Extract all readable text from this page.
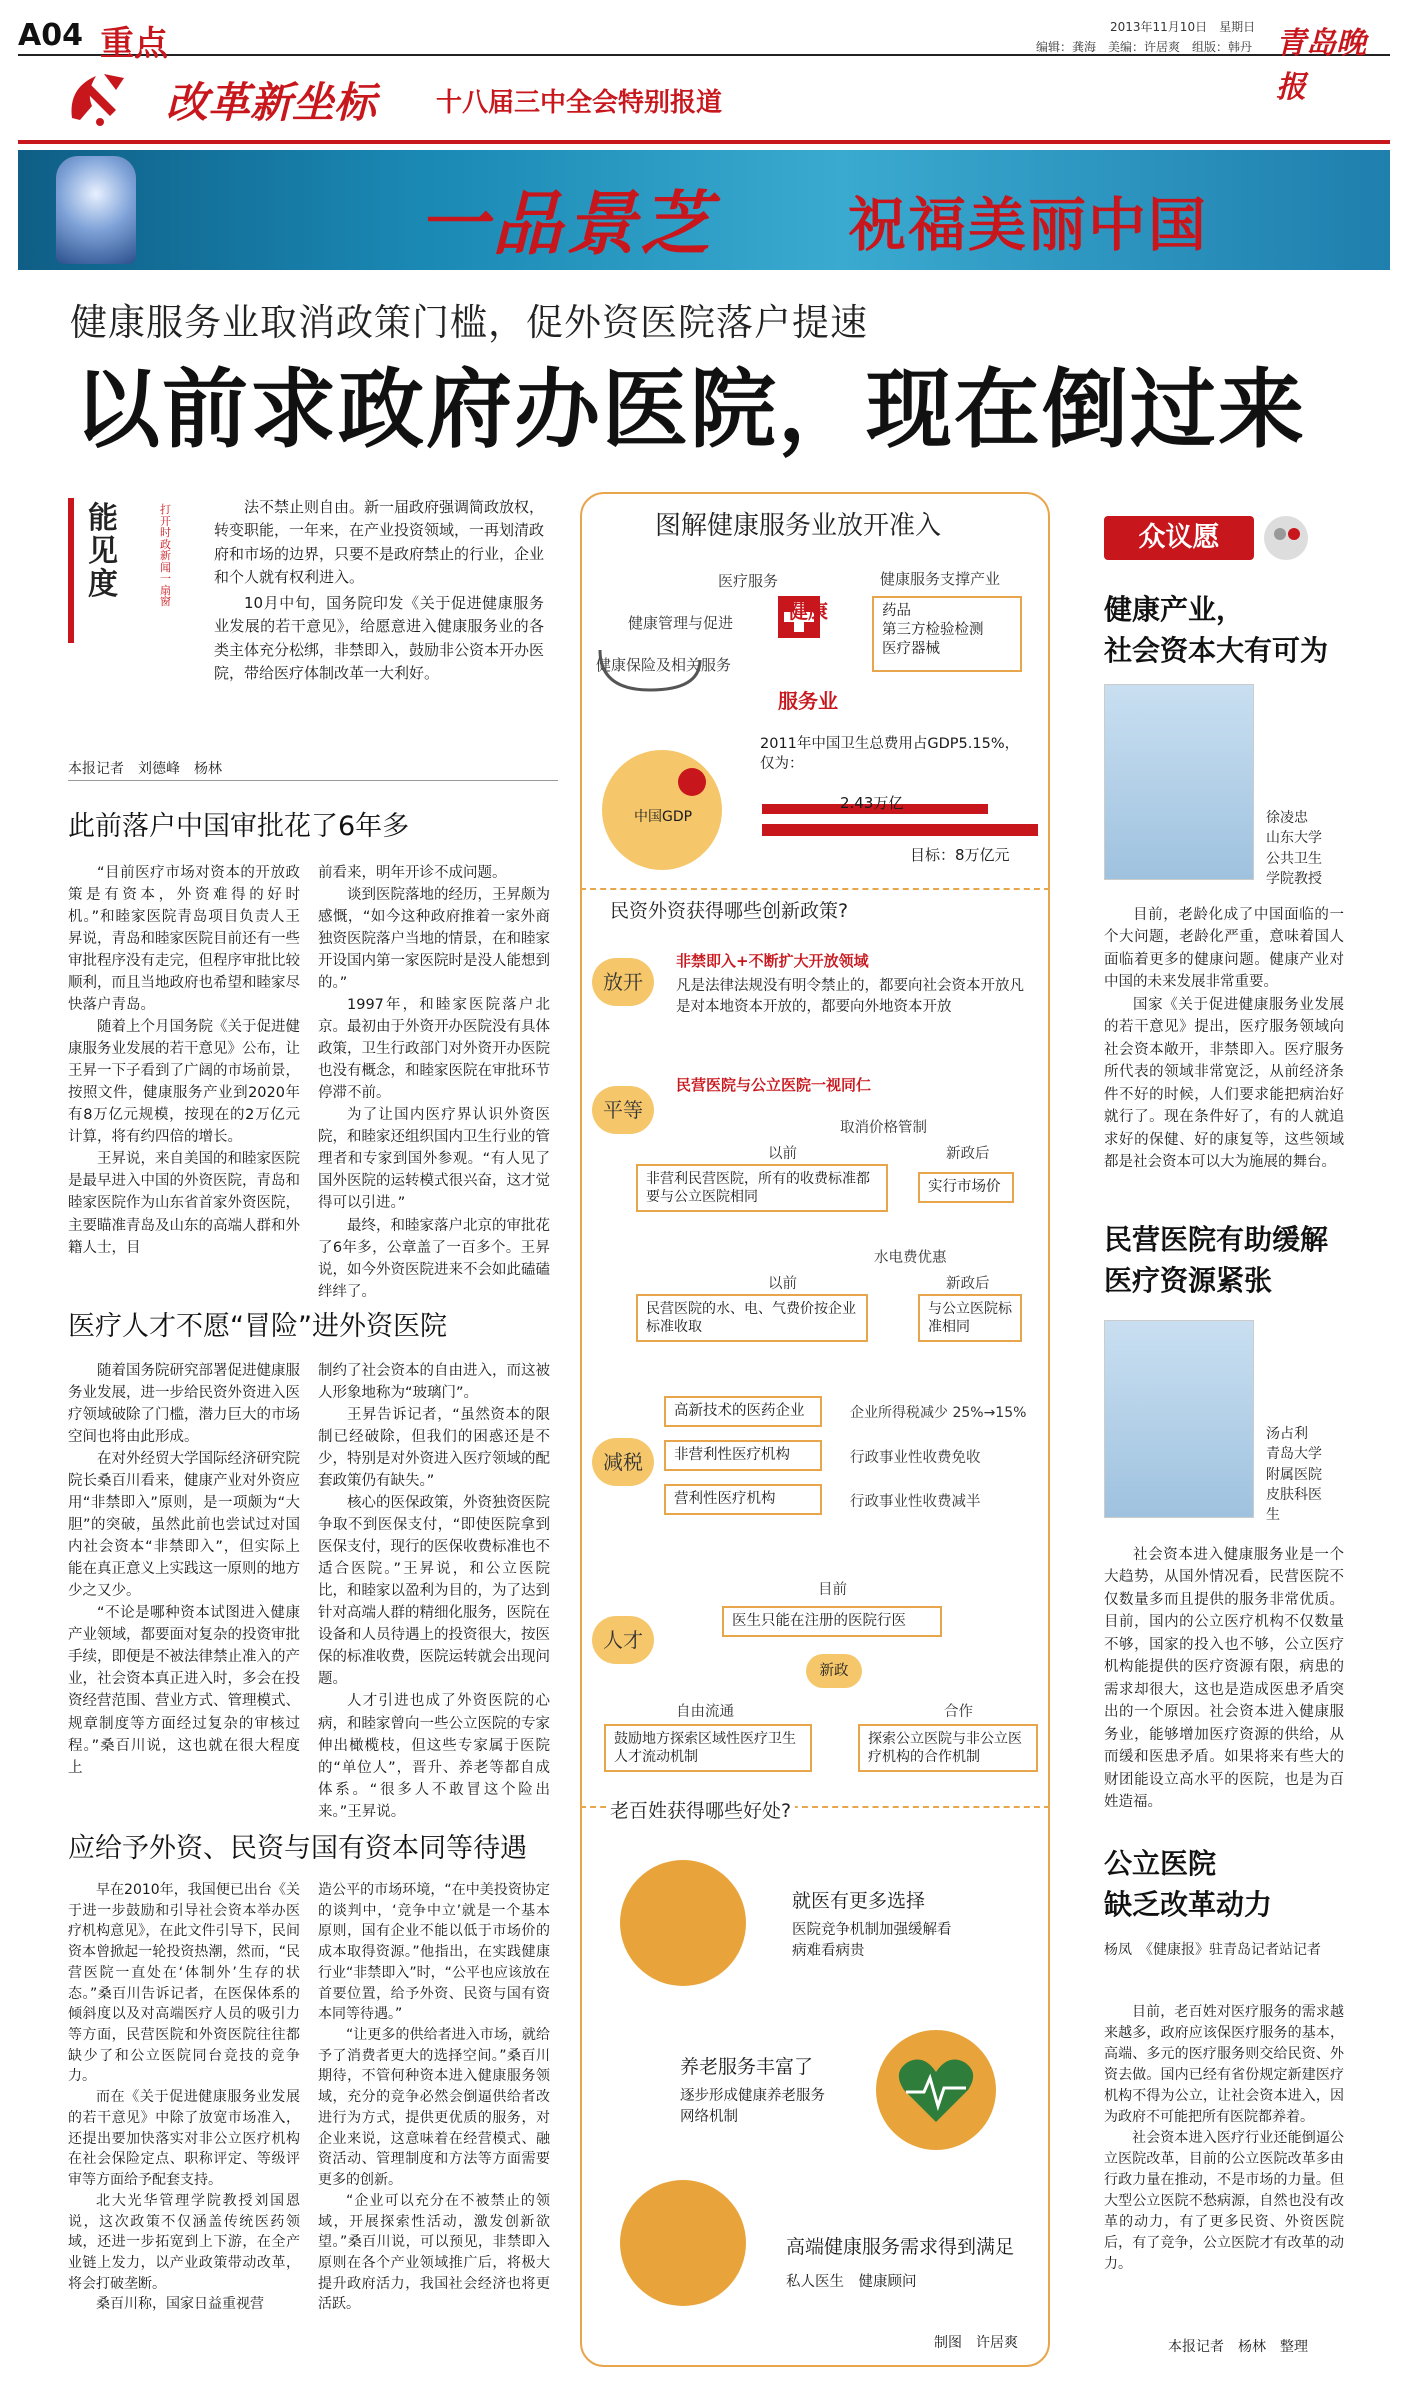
A04 重点	2013年11月10日　星期日
编辑：龚海　美编：许居爽　组版：韩丹 青岛晚报
改革新坐标 十八届三中全会特别报道
一品景芝 祝福美丽中国
健康服务业取消政策门槛，促外资医院落户提速
以前求政府办医院，现在倒过来
能见度
打开时政新闻一扇窗

法不禁止则自由。新一届政府强调简政放权，转变职能，一年来，在产业投资领域，一再划清政府和市场的边界，只要不是政府禁止的行业，企业和个人就有权利进入。

10月中旬，国务院印发《关于促进健康服务业发展的若干意见》，给愿意进入健康服务业的各类主体充分松绑，非禁即入，鼓励非公资本开办医院，带给医疗体制改革一大利好。

本报记者　刘德峰　杨林
此前落户中国审批花了6年多

“目前医疗市场对资本的开放政策是有资本，外资难得的好时机。”和睦家医院青岛项目负责人王昇说，青岛和睦家医院目前还有一些审批程序没有走完，但程序审批比较顺利，而且当地政府也希望和睦家尽快落户青岛。

随着上个月国务院《关于促进健康服务业发展的若干意见》公布，让王昇一下子看到了广阔的市场前景，按照文件，健康服务产业到2020年有8万亿元规模，按现在的2万亿元计算，将有约四倍的增长。

王昇说，来自美国的和睦家医院是最早进入中国的外资医院，青岛和睦家医院作为山东省首家外资医院，主要瞄准青岛及山东的高端人群和外籍人士，目

前看来，明年开诊不成问题。

谈到医院落地的经历，王昇颇为感慨，“如今这种政府推着一家外商独资医院落户当地的情景，在和睦家开设国内第一家医院时是没人能想到的。”

1997年，和睦家医院落户北京。最初由于外资开办医院没有具体政策，卫生行政部门对外资开办医院也没有概念，和睦家医院在审批环节停滞不前。

为了让国内医疗界认识外资医院，和睦家还组织国内卫生行业的管理者和专家到国外参观。“有人见了国外医院的运转模式很兴奋，这才觉得可以引进。”

最终，和睦家落户北京的审批花了6年多，公章盖了一百多个。王昇说，如今外资医院进来不会如此磕磕绊绊了。

医疗人才不愿“冒险”进外资医院

随着国务院研究部署促进健康服务业发展，进一步给民资外资进入医疗领域破除了门槛，潜力巨大的市场空间也将由此形成。

在对外经贸大学国际经济研究院院长桑百川看来，健康产业对外资应用“非禁即入”原则，是一项颇为“大胆”的突破，虽然此前也尝试过对国内社会资本“非禁即入”，但实际上能在真正意义上实践这一原则的地方少之又少。

“不论是哪种资本试图进入健康产业领域，都要面对复杂的投资审批手续，即便是不被法律禁止准入的产业，社会资本真正进入时，多会在投资经营范围、营业方式、管理模式、规章制度等方面经过复杂的审核过程。”桑百川说，这也就在很大程度上

制约了社会资本的自由进入，而这被人形象地称为“玻璃门”。

王昇告诉记者，“虽然资本的限制已经破除，但我们的困惑还是不少，特别是对外资进入医疗领域的配套政策仍有缺失。”

核心的医保政策，外资独资医院争取不到医保支付，“即使医院拿到医保支付，现行的医保收费标准也不适合医院。”王昇说，和公立医院比，和睦家以盈利为目的，为了达到针对高端人群的精细化服务，医院在设备和人员待遇上的投资很大，按医保的标准收费，医院运转就会出现问题。

人才引进也成了外资医院的心病，和睦家曾向一些公立医院的专家伸出橄榄枝，但这些专家属于医院的“单位人”，晋升、养老等都自成体系。“很多人不敢冒这个险出来。”王昇说。

应给予外资、民资与国有资本同等待遇

早在2010年，我国便已出台《关于进一步鼓励和引导社会资本举办医疗机构意见》，在此文件引导下，民间资本曾掀起一轮投资热潮，然而，“民营医院一直处在‘体制外’生存的状态。”桑百川告诉记者，在医保体系的倾斜度以及对高端医疗人员的吸引力等方面，民营医院和外资医院往往都缺少了和公立医院同台竞技的竞争力。

而在《关于促进健康服务业发展的若干意见》中除了放宽市场准入，还提出要加快落实对非公立医疗机构在社会保险定点、职称评定、等级评审等方面给予配套支持。

北大光华管理学院教授刘国恩说，这次政策不仅涵盖传统医药领域，还进一步拓宽到上下游，在全产业链上发力，以产业政策带动改革，将会打破垄断。

桑百川称，国家日益重视营

造公平的市场环境，“在中美投资协定的谈判中，‘竞争中立’就是一个基本原则，国有企业不能以低于市场价的成本取得资源。”他指出，在实践健康行业“非禁即入”时，“公平也应该放在首要位置，给予外资、民资与国有资本同等待遇。”

“让更多的供给者进入市场，就给予了消费者更大的选择空间。”桑百川期待，不管何种资本进入健康服务领域，充分的竞争必然会倒逼供给者改进行为方式，提供更优质的服务，对企业来说，这意味着在经营模式、融资活动、管理制度和方法等方面需要更多的创新。

“企业可以充分在不被禁止的领域，开展探索性活动，激发创新欲望。”桑百川说，可以预见，非禁即入原则在各个产业领域推广后，将极大提升政府活力，我国社会经济也将更活跃。

图解健康服务业放开准入
医疗服务
健康管理与促进
健康保险及相关服务
健康
服务业
健康服务支撑产业
药品
第三方检验检测
医疗器械
2011年中国卫生总费用占GDP5.15%，仅为：
2.43万亿
中国GDP
目标：8万亿元
民资外资获得哪些创新政策?
放开
非禁即入+不断扩大开放领域
凡是法律法规没有明令禁止的，都要向社会资本开放凡是对本地资本开放的，都要向外地资本开放
平等
民营医院与公立医院一视同仁
取消价格管制
以前	新政后
非营利民营医院，所有的收费标准都要与公立医院相同
实行市场价
水电费优惠
以前	新政后
民营医院的水、电、气费价按企业标准收取
与公立医院标准相同
减税
高新技术的医药企业	企业所得税减少 25%→15%
非营利性医疗机构	行政事业性收费免收
营利性医疗机构	行政事业性收费减半
人才
目前
医生只能在注册的医院行医
新政
自由流通	合作
鼓励地方探索区域性医疗卫生人才流动机制
探索公立医院与非公立医疗机构的合作机制
老百姓获得哪些好处?
就医有更多选择
医院竞争机制加强缓解看病难看病贵
养老服务丰富了
逐步形成健康养老服务网络机制
高端健康服务需求得到满足
私人医生　健康顾问
制图　许居爽
众议愿
健康产业，
社会资本大有可为
徐凌忠
山东大学
公共卫生
学院教授

目前，老龄化成了中国面临的一个大问题，老龄化严重，意味着国人面临着更多的健康问题。健康产业对中国的未来发展非常重要。

国家《关于促进健康服务业发展的若干意见》提出，医疗服务领域向社会资本敞开，非禁即入。医疗服务所代表的领域非常宽泛，从前经济条件不好的时候，人们要求能把病治好就行了。现在条件好了，有的人就追求好的保健、好的康复等，这些领域都是社会资本可以大为施展的舞台。

民营医院有助缓解
医疗资源紧张
汤占利
青岛大学
附属医院
皮肤科医
生

社会资本进入健康服务业是一个大趋势，从国外情况看，民营医院不仅数量多而且提供的服务非常优质。目前，国内的公立医疗机构不仅数量不够，国家的投入也不够，公立医疗机构能提供的医疗资源有限，病患的需求却很大，这也是造成医患矛盾突出的一个原因。社会资本进入健康服务业，能够增加医疗资源的供给，从而缓和医患矛盾。如果将来有些大的财团能设立高水平的医院，也是为百姓造福。

公立医院
缺乏改革动力
杨凤　《健康报》驻青岛记者站记者

目前，老百姓对医疗服务的需求越来越多，政府应该保医疗服务的基本，高端、多元的医疗服务则交给民资、外资去做。国内已经有省份规定新建医疗机构不得为公立，让社会资本进入，因为政府不可能把所有医院都养着。

社会资本进入医疗行业还能倒逼公立医院改革，目前的公立医院改革多由行政力量在推动，不是市场的力量。但大型公立医院不愁病源，自然也没有改革的动力，有了更多民资、外资医院后，有了竞争，公立医院才有改革的动力。

本报记者　杨林　整理
